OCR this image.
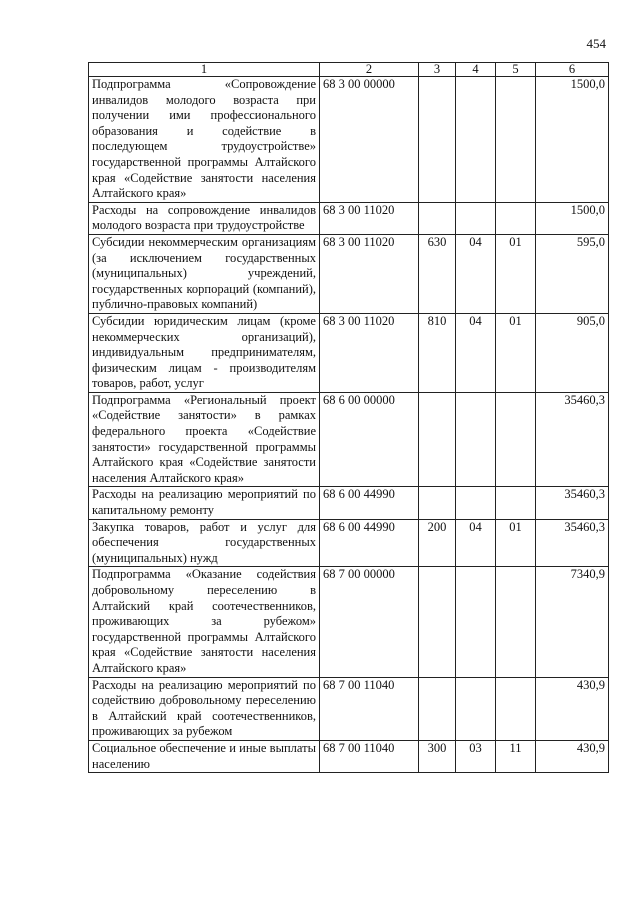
454
1	2	3	4	5	6
Подпрограмма «Сопровождение инвалидов молодого возраста при получении ими профессионального образования и содействие в последующем трудоустройстве» государственной программы Алтайского края «Содействие занятости населения Алтайского края»	68 3 00 00000				1500,0
Расходы на сопровождение инвалидов молодого возраста при трудоустройстве	68 3 00 11020				1500,0
Субсидии некоммерческим организациям (за исключением государственных (муниципальных) учреждений, государственных корпораций (компаний), публично-правовых компаний)	68 3 00 11020	630	04	01	595,0
Субсидии юридическим лицам (кроме некоммерческих организаций), индивидуальным предпринимателям, физическим лицам - производителям товаров, работ, услуг	68 3 00 11020	810	04	01	905,0
Подпрограмма «Региональный проект «Содействие занятости» в рамках федерального проекта «Содействие занятости» государственной программы Алтайского края «Содействие занятости населения Алтайского края»	68 6 00 00000				35460,3
Расходы на реализацию мероприятий по капитальному ремонту	68 6 00 44990				35460,3
Закупка товаров, работ и услуг для обеспечения государственных (муниципальных) нужд	68 6 00 44990	200	04	01	35460,3
Подпрограмма «Оказание содействия добровольному переселению в Алтайский край соотечественников, проживающих за рубежом» государственной программы Алтайского края «Содействие занятости населения Алтайского края»	68 7 00 00000				7340,9
Расходы на реализацию мероприятий по содействию добровольному переселению в Алтайский край соотечественников, проживающих за рубежом	68 7 00 11040				430,9
Социальное обеспечение и иные выплаты населению	68 7 00 11040	300	03	11	430,9
